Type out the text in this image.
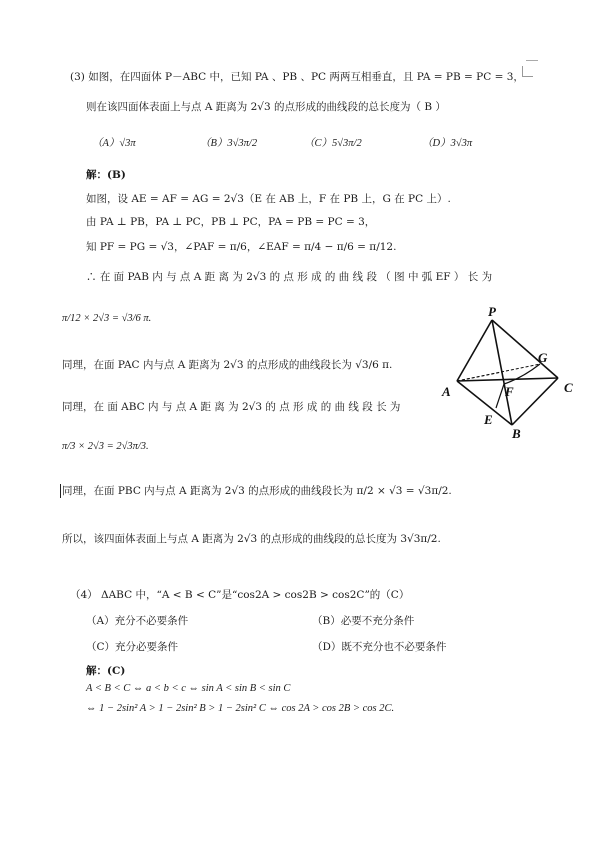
(3) 如图，在四面体 P－ABC 中，已知 PA 、PB 、PC 两两互相垂直，且 PA = PB = PC = 3，
则在该四面体表面上与点 A 距离为 2√3 的点形成的曲线段的总长度为（ B ）
（A）√3π	（B）3√3π/2	（C）5√3π/2	（D）3√3π
解：(B)
如图，设 AE = AF = AG = 2√3（E 在 AB 上，F 在 PB 上，G 在 PC 上）.
由 PA ⊥ PB，PA ⊥ PC，PB ⊥ PC，PA = PB = PC = 3，
知 PF = PG = √3，∠PAF = π/6，∠EAF = π/4 − π/6 = π/12.
∴ 在 面 PAB 内 与 点 A 距 离 为 2√3 的 点 形 成 的 曲 线 段 （ 图 中 弧 EF ） 长 为
π/12 × 2√3 = √3/6 π.
同理，在面 PAC 内与点 A 距离为 2√3 的点形成的曲线段长为 √3/6 π.
同理，在 面 ABC 内 与 点 A 距 离 为 2√3 的 点 形 成 的 曲 线 段 长 为
π/3 × 2√3 = 2√3π/3.
同理，在面 PBC 内与点 A 距离为 2√3 的点形成的曲线段长为 π/2 × √3 = √3π/2.
所以，该四面体表面上与点 A 距离为 2√3 的点形成的曲线段的总长度为 3√3π/2.
P
G
A	F	C
E
B
（4） ΔABC 中，“A < B < C”是“cos2A > cos2B > cos2C”的（C）
（A）充分不必要条件	（B）必要不充分条件
（C）充分必要条件	（D）既不充分也不必要条件
解：(C)
A < B < C ⇔ a < b < c ⇔ sin A < sin B < sin C
⇔ 1 − 2sin² A > 1 − 2sin² B > 1 − 2sin² C ⇔ cos 2A > cos 2B > cos 2C.
